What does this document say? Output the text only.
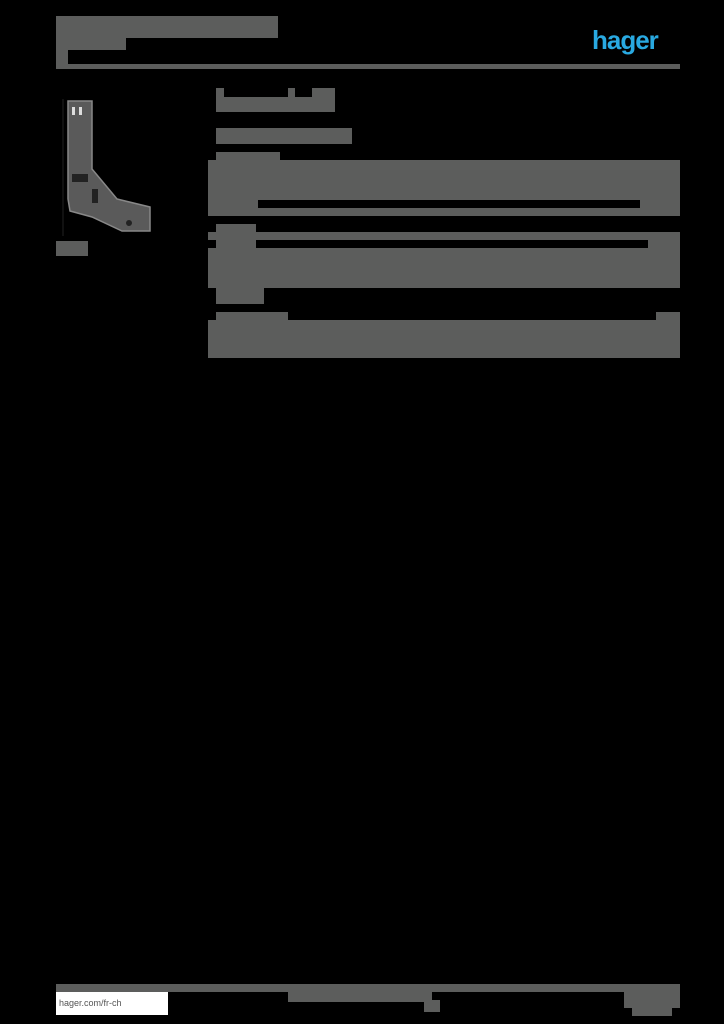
hager
hager.com/fr-ch
